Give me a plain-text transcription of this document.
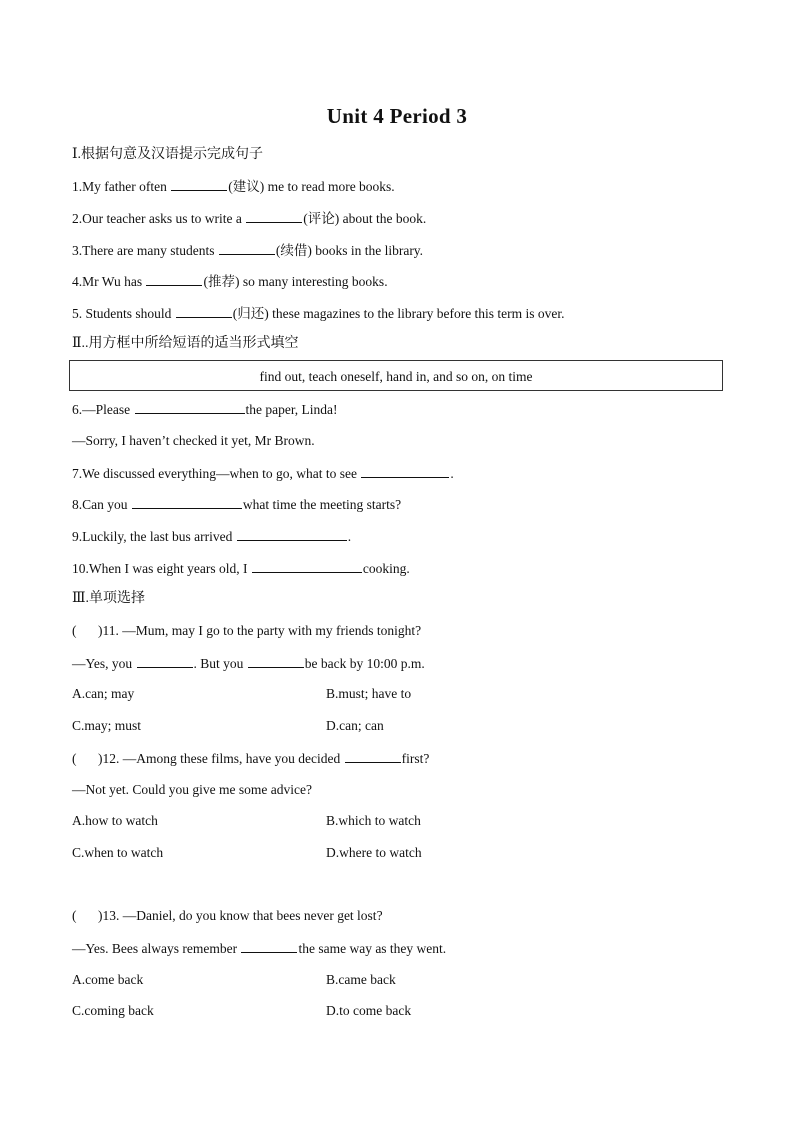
Unit 4 Period 3
Ⅰ.根据句意及汉语提示完成句子
1.My father often	(建议) me to read more books.
2.Our teacher asks us to write a	(评论) about the book.
3.There are many students	(续借) books in the library.
4.Mr Wu has	(推荐) so many interesting books.
5. Students should	(归还) these magazines to the library before this term is over.
Ⅱ..用方框中所给短语的适当形式填空
find out, teach oneself, hand in, and so on, on time
6.—Please	the paper, Linda!
—Sorry, I haven’t checked it yet, Mr Brown.
7.We discussed everything—when to go, what to see	.
8.Can you	what time the meeting starts?
9.Luckily, the last bus arrived	.
10.When I was eight years old, I	cooking.
Ⅲ.单项选择
( )11. —Mum, may I go to the party with my friends tonight?
—Yes, you	. But you	be back by 10:00 p.m.
A.can; may	B.must; have to
C.may; must	D.can; can
( )12. —Among these films, have you decided	first?
—Not yet. Could you give me some advice?
A.how to watch	B.which to watch
C.when to watch	D.where to watch
( )13. —Daniel, do you know that bees never get lost?
—Yes. Bees always remember	the same way as they went.
A.come back	B.came back
C.coming back	D.to come back
